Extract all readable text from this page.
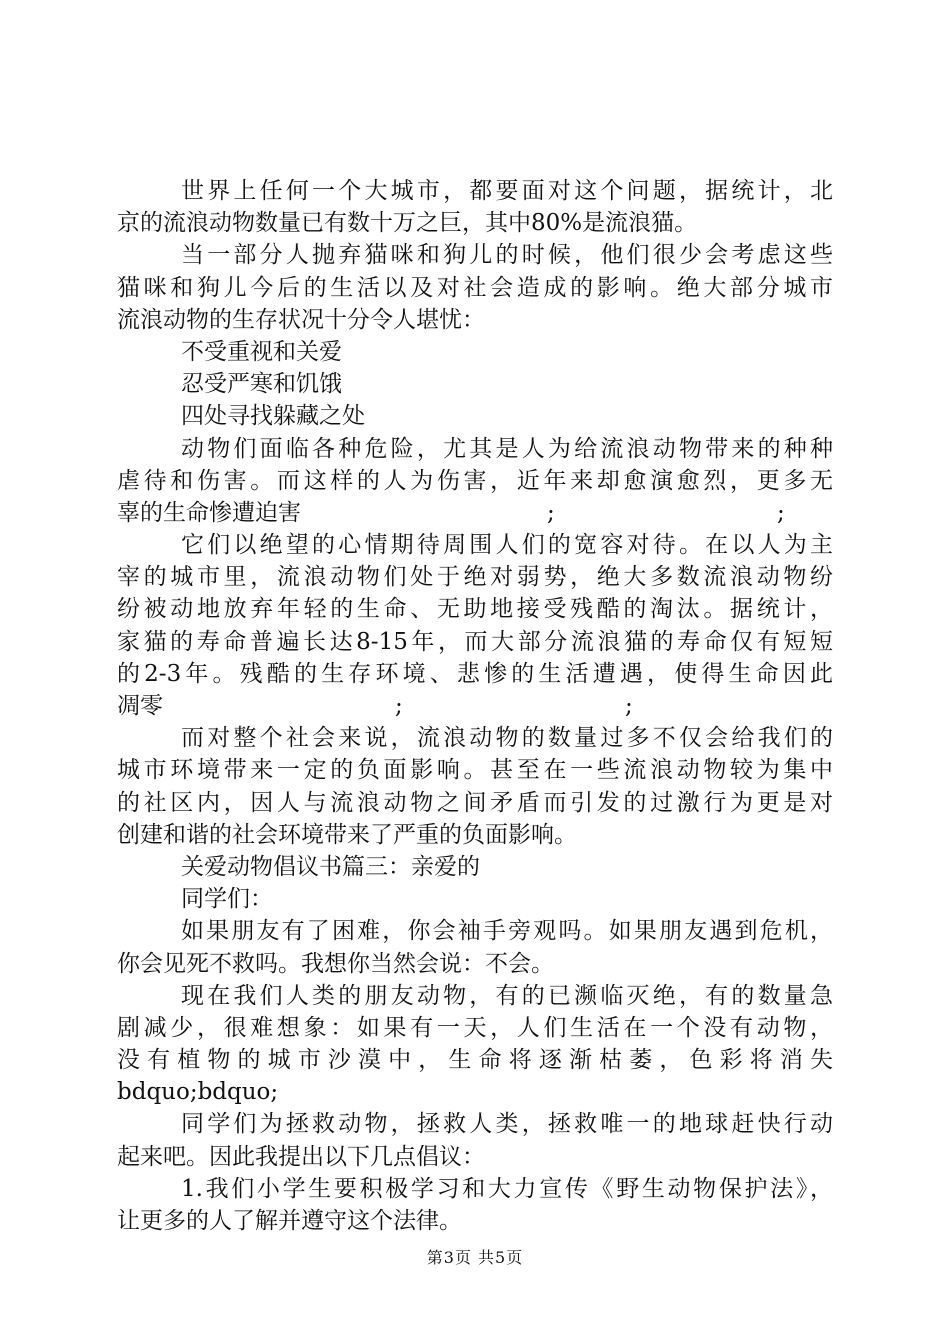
世界上任何一个大城市，都要面对这个问题，据统计，北
京的流浪动物数量已有数十万之巨，其中80%是流浪猫。
当一部分人抛弃猫咪和狗儿的时候，他们很少会考虑这些
猫咪和狗儿今后的生活以及对社会造成的影响。绝大部分城市
流浪动物的生存状况十分令人堪忧：
不受重视和关爱
忍受严寒和饥饿
四处寻找躲藏之处
动物们面临各种危险，尤其是人为给流浪动物带来的种种
虐待和伤害。而这样的人为伤害，近年来却愈演愈烈，更多无
辜的生命惨遭迫害	;	;
它们以绝望的心情期待周围人们的宽容对待。在以人为主
宰的城市里，流浪动物们处于绝对弱势，绝大多数流浪动物纷
纷被动地放弃年轻的生命、无助地接受残酷的淘汰。据统计，
家猫的寿命普遍长达8-15年，而大部分流浪猫的寿命仅有短短
的2-3年。残酷的生存环境、悲惨的生活遭遇，使得生命因此
凋零	;	;
而对整个社会来说，流浪动物的数量过多不仅会给我们的
城市环境带来一定的负面影响。甚至在一些流浪动物较为集中
的社区内，因人与流浪动物之间矛盾而引发的过激行为更是对
创建和谐的社会环境带来了严重的负面影响。
关爱动物倡议书篇三：亲爱的
同学们：
如果朋友有了困难，你会袖手旁观吗。如果朋友遇到危机，
你会见死不救吗。我想你当然会说：不会。
现在我们人类的朋友动物，有的已濒临灭绝，有的数量急
剧减少，很难想象：如果有一天，人们生活在一个没有动物，
没有植物的城市沙漠中，生命将逐渐枯萎，色彩将消失
bdquo;bdquo;
同学们为拯救动物，拯救人类，拯救唯一的地球赶快行动
起来吧。因此我提出以下几点倡议：
1.我们小学生要积极学习和大力宣传《野生动物保护法》，
让更多的人了解并遵守这个法律。
第3页 共5页
